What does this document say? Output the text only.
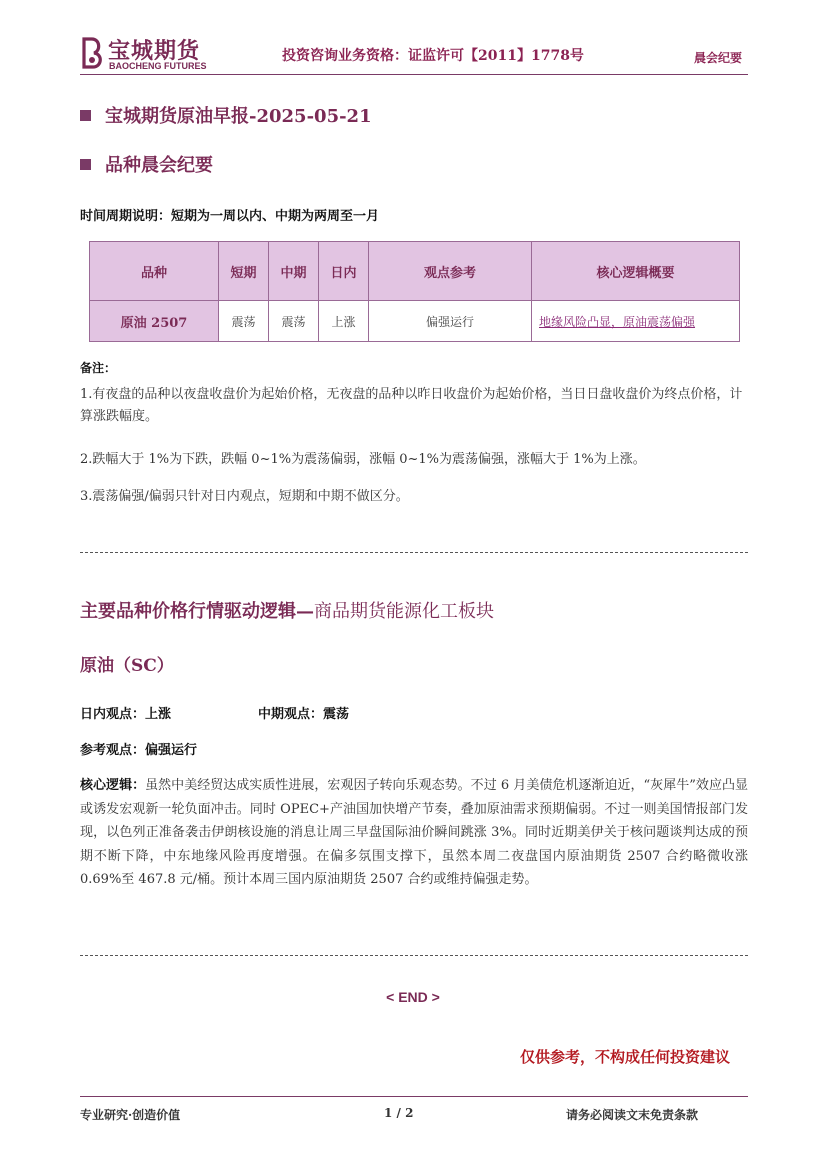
宝城期货
BAOCHENG FUTURES
投资咨询业务资格：证监许可【2011】1778号	晨会纪要
宝城期货原油早报-2025-05-21
品种晨会纪要
时间周期说明：短期为一周以内、中期为两周至一月
品种	短期	中期	日内	观点参考	核心逻辑概要
原油 2507	震荡	震荡	上涨	偏强运行	地缘风险凸显，原油震荡偏强
备注：
1.有夜盘的品种以夜盘收盘价为起始价格，无夜盘的品种以昨日收盘价为起始价格，当日日盘收盘价为终点价格，计算涨跌幅度。
2.跌幅大于 1%为下跌，跌幅 0~1%为震荡偏弱，涨幅 0~1%为震荡偏强，涨幅大于 1%为上涨。
3.震荡偏强/偏弱只针对日内观点，短期和中期不做区分。
主要品种价格行情驱动逻辑—商品期货能源化工板块
原油（SC）
日内观点：上涨	中期观点：震荡
参考观点：偏强运行
核心逻辑：虽然中美经贸达成实质性进展，宏观因子转向乐观态势。不过 6 月美债危机逐渐迫近，“灰犀牛”效应凸显或诱发宏观新一轮负面冲击。同时 OPEC+产油国加快增产节奏，叠加原油需求预期偏弱。不过一则美国情报部门发现，以色列正准备袭击伊朗核设施的消息让周三早盘国际油价瞬间跳涨 3%。同时近期美伊关于核问题谈判达成的预期不断下降，中东地缘风险再度增强。在偏多氛围支撑下，虽然本周二夜盘国内原油期货 2507 合约略微收涨 0.69%至 467.8 元/桶。预计本周三国内原油期货 2507 合约或维持偏强走势。
< END >
仅供参考，不构成任何投资建议
专业研究·创造价值	1 / 2	请务必阅读文末免责条款
